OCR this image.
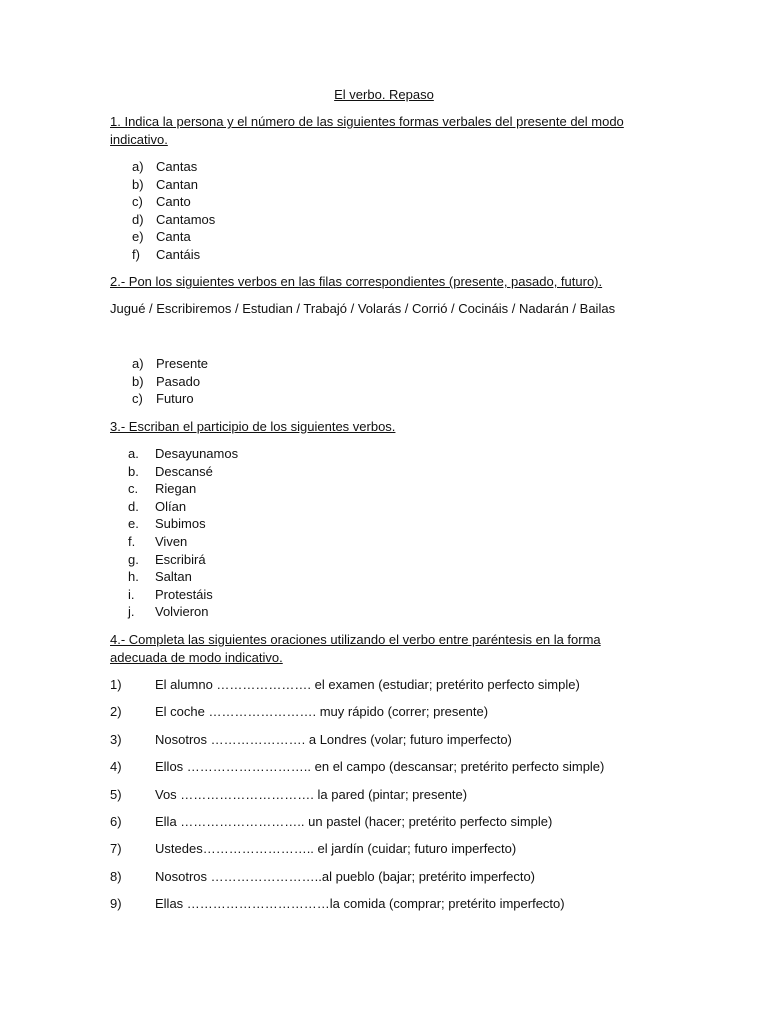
El verbo. Repaso
1. Indica la persona y el número de las siguientes formas verbales del presente del modo indicativo.
a) Cantas
b) Cantan
c) Canto
d) Cantamos
e) Canta
f) Cantáis
2.- Pon los siguientes verbos en las filas correspondientes (presente, pasado, futuro).
Jugué / Escribiremos / Estudian / Trabajó / Volarás / Corrió / Cocináis / Nadarán / Bailas
a) Presente
b) Pasado
c) Futuro
3.- Escriban el participio de los siguientes verbos.
a. Desayunamos
b. Descansé
c. Riegan
d. Olían
e. Subimos
f. Viven
g. Escribirá
h. Saltan
i. Protestáis
j. Volvieron
4.- Completa las siguientes oraciones utilizando el verbo entre paréntesis en la forma adecuada de modo indicativo.
1)	El alumno …………………. el examen (estudiar; pretérito perfecto simple)
2)	El coche ……………………. muy rápido (correr; presente)
3)	Nosotros …………………. a Londres (volar; futuro imperfecto)
4)	Ellos ……………………….. en el campo (descansar; pretérito perfecto simple)
5)	Vos …………………………. la pared (pintar; presente)
6)	Ella ……………………….. un pastel (hacer; pretérito perfecto simple)
7)	Ustedes…………………….. el jardín (cuidar; futuro imperfecto)
8)	Nosotros ……………………..al pueblo (bajar; pretérito imperfecto)
9)	Ellas ……………………………la comida (comprar; pretérito imperfecto)
